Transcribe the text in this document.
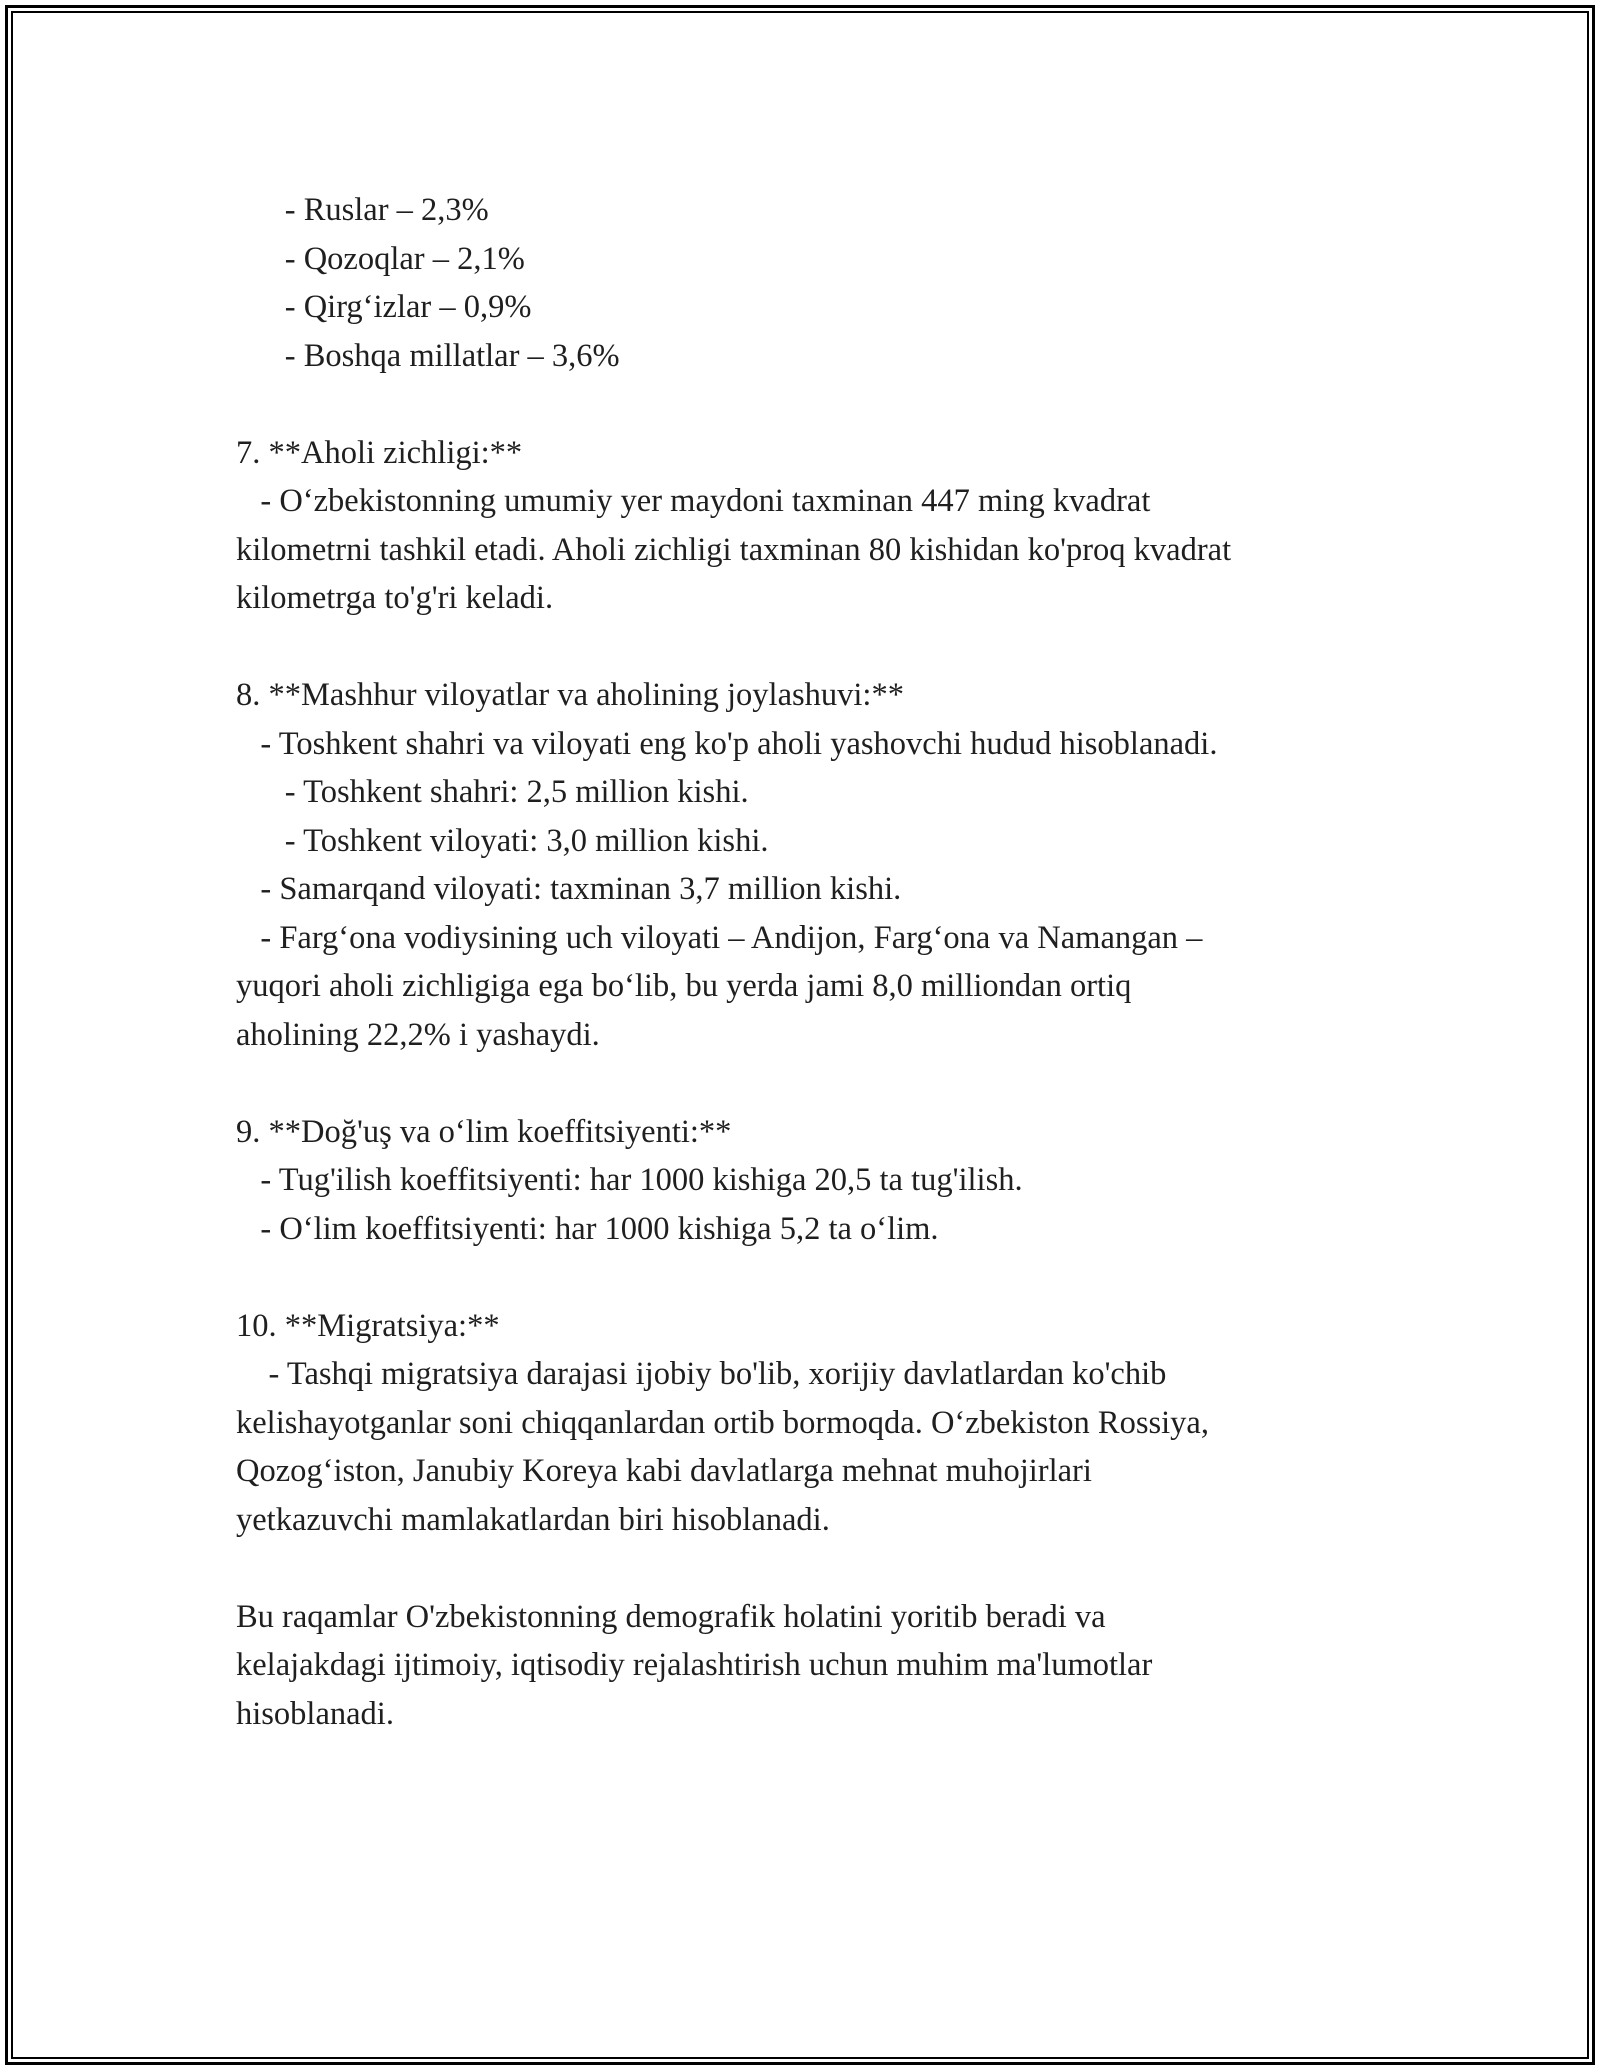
- Ruslar – 2,3%
- Qozoqlar – 2,1%
- Qirg‘izlar – 0,9%
- Boshqa millatlar – 3,6%
7. **Aholi zichligi:**
- O‘zbekistonning umumiy yer maydoni taxminan 447 ming kvadrat
kilometrni tashkil etadi. Aholi zichligi taxminan 80 kishidan ko'proq kvadrat
kilometrga to'g'ri keladi.
8. **Mashhur viloyatlar va aholining joylashuvi:**
- Toshkent shahri va viloyati eng ko'p aholi yashovchi hudud hisoblanadi.
- Toshkent shahri: 2,5 million kishi.
- Toshkent viloyati: 3,0 million kishi.
- Samarqand viloyati: taxminan 3,7 million kishi.
- Farg‘ona vodiysining uch viloyati – Andijon, Farg‘ona va Namangan –
yuqori aholi zichligiga ega bo‘lib, bu yerda jami 8,0 milliondan ortiq
aholining 22,2% i yashaydi.
9. **Doğ'uş va o‘lim koeffitsiyenti:**
- Tug'ilish koeffitsiyenti: har 1000 kishiga 20,5 ta tug'ilish.
- O‘lim koeffitsiyenti: har 1000 kishiga 5,2 ta o‘lim.
10. **Migratsiya:**
- Tashqi migratsiya darajasi ijobiy bo'lib, xorijiy davlatlardan ko'chib
kelishayotganlar soni chiqqanlardan ortib bormoqda. O‘zbekiston Rossiya,
Qozog‘iston, Janubiy Koreya kabi davlatlarga mehnat muhojirlari
yetkazuvchi mamlakatlardan biri hisoblanadi.
Bu raqamlar O'zbekistonning demografik holatini yoritib beradi va
kelajakdagi ijtimoiy, iqtisodiy rejalashtirish uchun muhim ma'lumotlar
hisoblanadi.
